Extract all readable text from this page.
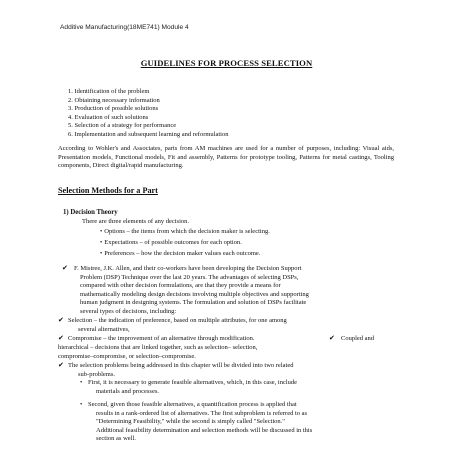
Additive Manufacturing(18ME741) Module 4
GUIDELINES FOR PROCESS SELECTION
1. Identification of the problem
2. Obtaining necessary information
3. Production of possible solutions
4. Evaluation of such solutions
5. Selection of a strategy for performance
6. Implementation and subsequent learning and reformulation
According to Wohler's and Associates, parts from AM machines are used for a number of purposes, including: Visual aids, Presentation models, Functional models, Fit and assembly, Patterns for prototype tooling, Patterns for metal castings, Tooling components, Direct digital/rapid manufacturing.
Selection Methods for a Part
1) Decision Theory
There are three elements of any decision.
• Options – the items from which the decision maker is selecting.
• Expectations – of possible outcomes for each option.
• Preferences – how the decision maker values each outcome.
✔ F. Mistree, J.K. Allen, and their co-workers have been developing the Decision Support
Problem (DSP) Technique over the last 20 years. The advantages of selecting DSPs,
compared with other decision formulations, are that they provide a means for
mathematically modeling design decisions involving multiple objectives and supporting
human judgment in designing systems. The formulation and solution of DSPs facilitate
several types of decisions, including:
✔ Selection – the indication of preference, based on multiple attributes, for one among
several alternatives,
✔ Compromise – the improvement of an alternative through modification.	✔ Coupled and
hierarchical – decisions that are linked together, such as selection– selection,
compromise–compromise, or selection–compromise.
✔ The selection problems being addressed in this chapter will be divided into two related
sub-problems.
• First, it is necessary to generate feasible alternatives, which, in this case, include
materials and processes.
• Second, given those feasible alternatives, a quantification process is applied that
results in a rank-ordered list of alternatives. The first subproblem is referred to as
"Determining Feasibility," while the second is simply called "Selection."
Additional feasibility determination and selection methods will be discussed in this
section as well.
